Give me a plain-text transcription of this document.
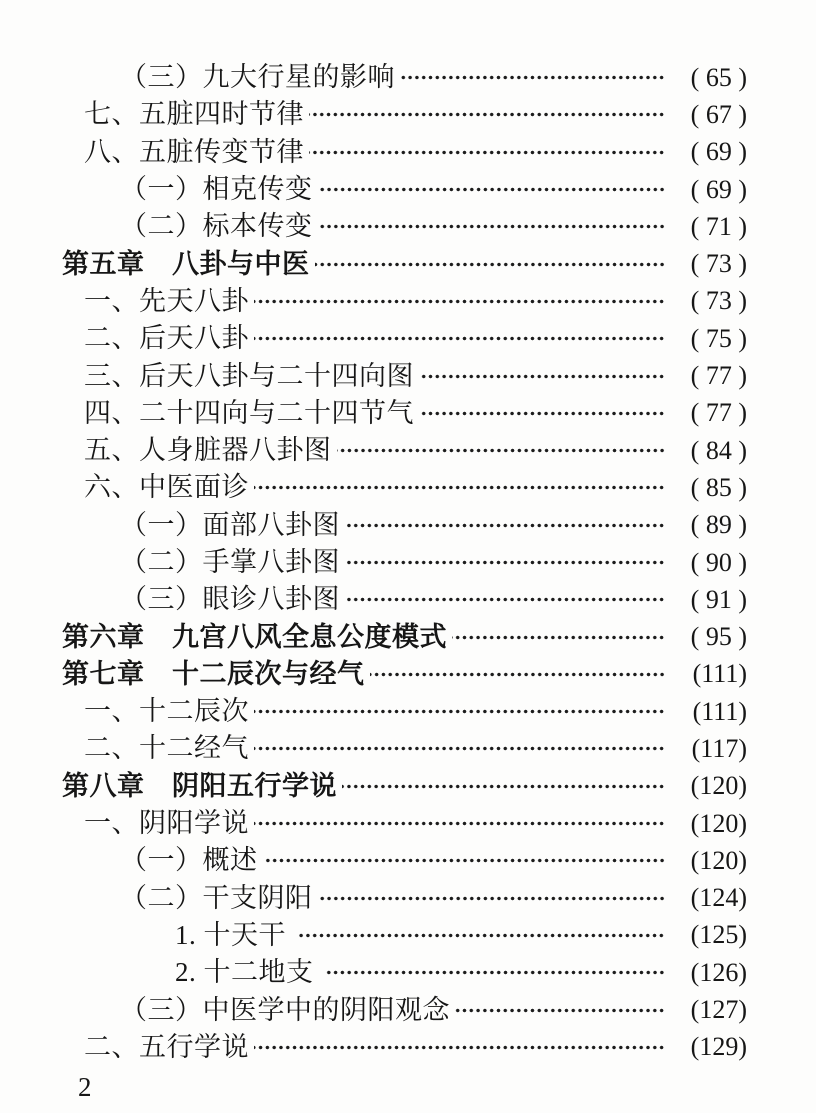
（三）九大行星的影响	( 65 )
七、五脏四时节律	( 67 )
八、五脏传变节律	( 69 )
（一）相克传变	( 69 )
（二）标本传变	( 71 )
第五章　八卦与中医	( 73 )
一、先天八卦	( 73 )
二、后天八卦	( 75 )
三、后天八卦与二十四向图	( 77 )
四、二十四向与二十四节气	( 77 )
五、人身脏器八卦图	( 84 )
六、中医面诊	( 85 )
（一）面部八卦图	( 89 )
（二）手掌八卦图	( 90 )
（三）眼诊八卦图	( 91 )
第六章　九宫八风全息公度模式	( 95 )
第七章　十二辰次与经气	(111)
一、十二辰次	(111)
二、十二经气	(117)
第八章　阴阳五行学说	(120)
一、阴阳学说	(120)
（一）概述	(120)
（二）干支阴阳	(124)
1. 十天干	(125)
2. 十二地支	(126)
（三）中医学中的阴阳观念	(127)
二、五行学说	(129)
2
